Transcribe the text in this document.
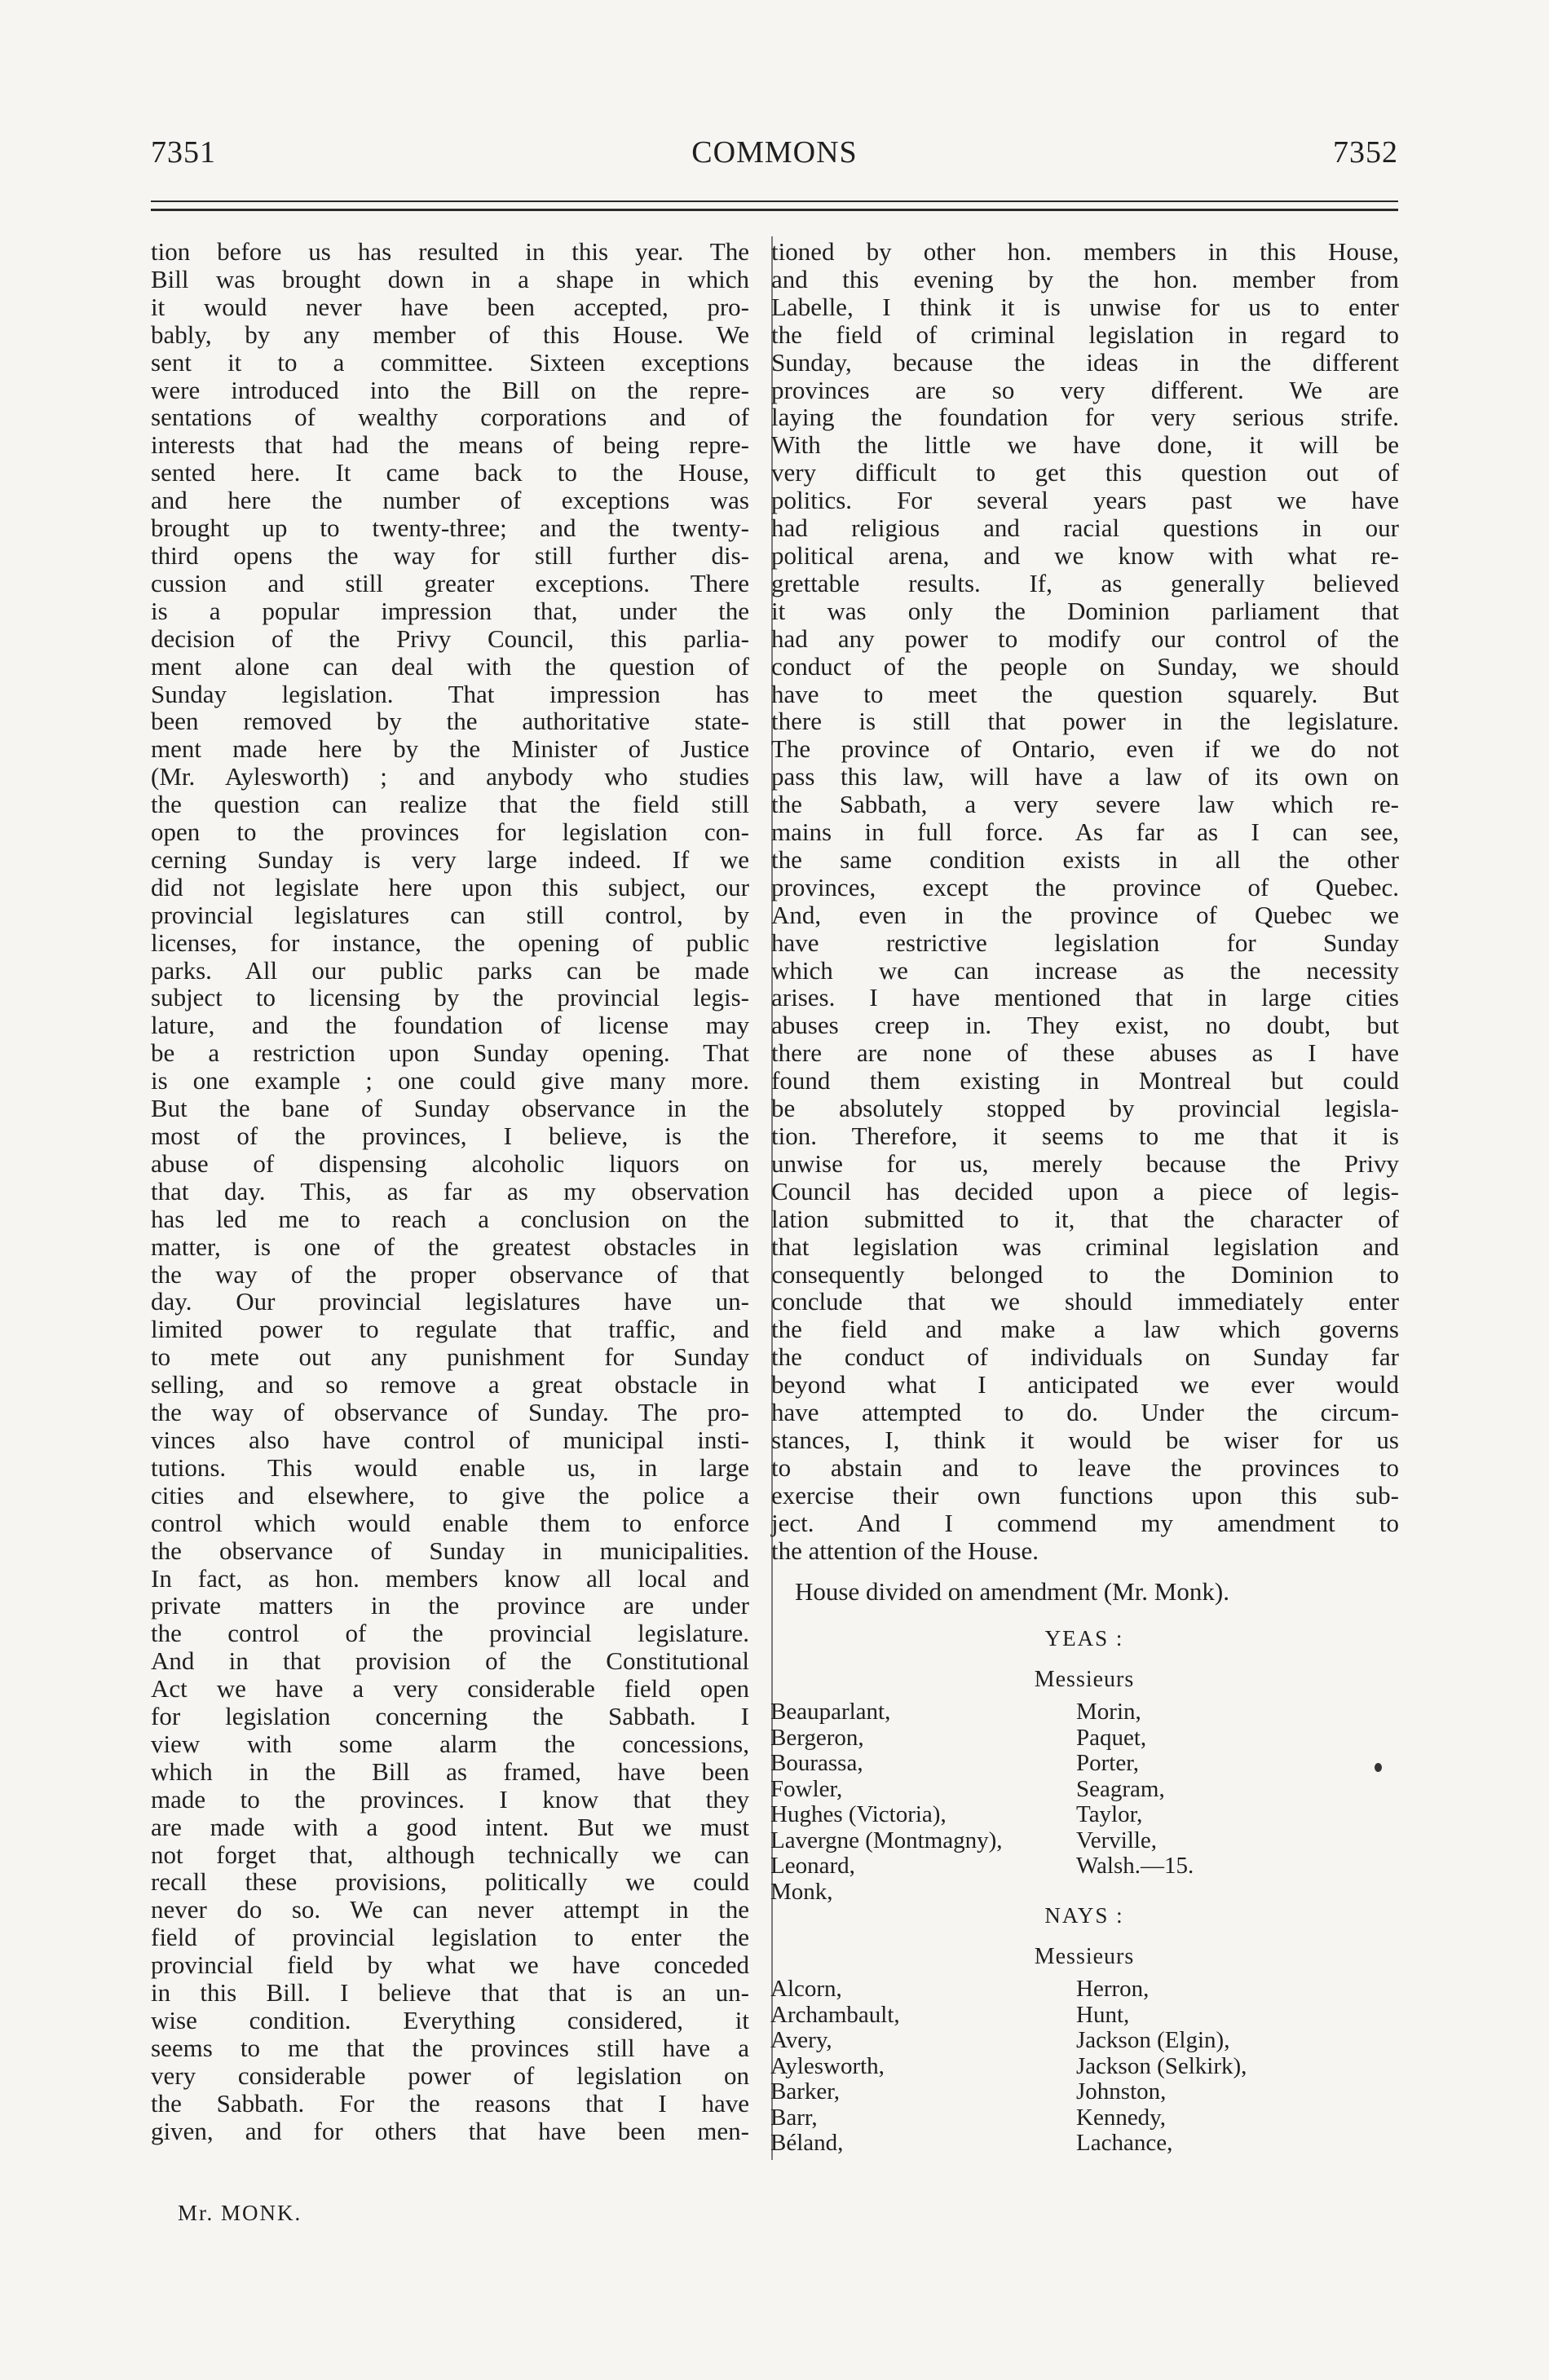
7351	COMMONS	7352
tion before us has resulted in this year. The
Bill was brought down in a shape in which
it would never have been accepted, pro-
bably, by any member of this House. We
sent it to a committee. Sixteen exceptions
were introduced into the Bill on the repre-
sentations of wealthy corporations and of
interests that had the means of being repre-
sented here. It came back to the House,
and here the number of exceptions was
brought up to twenty-three; and the twenty-
third opens the way for still further dis-
cussion and still greater exceptions. There
is a popular impression that, under the
decision of the Privy Council, this parlia-
ment alone can deal with the question of
Sunday legislation. That impression has
been removed by the authoritative state-
ment made here by the Minister of Justice
(Mr. Aylesworth) ; and anybody who studies
the question can realize that the field still
open to the provinces for legislation con-
cerning Sunday is very large indeed. If we
did not legislate here upon this subject, our
provincial legislatures can still control, by
licenses, for instance, the opening of public
parks. All our public parks can be made
subject to licensing by the provincial legis-
lature, and the foundation of license may
be a restriction upon Sunday opening. That
is one example ; one could give many more.
But the bane of Sunday observance in the
most of the provinces, I believe, is the
abuse of dispensing alcoholic liquors on
that day. This, as far as my observation
has led me to reach a conclusion on the
matter, is one of the greatest obstacles in
the way of the proper observance of that
day. Our provincial legislatures have un-
limited power to regulate that traffic, and
to mete out any punishment for Sunday
selling, and so remove a great obstacle in
the way of observance of Sunday. The pro-
vinces also have control of municipal insti-
tutions. This would enable us, in large
cities and elsewhere, to give the police a
control which would enable them to enforce
the observance of Sunday in municipalities.
In fact, as hon. members know all local and
private matters in the province are under
the control of the provincial legislature.
And in that provision of the Constitutional
Act we have a very considerable field open
for legislation concerning the Sabbath. I
view with some alarm the concessions,
which in the Bill as framed, have been
made to the provinces. I know that they
are made with a good intent. But we must
not forget that, although technically we can
recall these provisions, politically we could
never do so. We can never attempt in the
field of provincial legislation to enter the
provincial field by what we have conceded
in this Bill. I believe that that is an un-
wise condition. Everything considered, it
seems to me that the provinces still have a
very considerable power of legislation on
the Sabbath. For the reasons that I have
given, and for others that have been men-
Mr. MONK.
tioned by other hon. members in this House,
and this evening by the hon. member from
Labelle, I think it is unwise for us to enter
the field of criminal legislation in regard to
Sunday, because the ideas in the different
provinces are so very different. We are
laying the foundation for very serious strife.
With the little we have done, it will be
very difficult to get this question out of
politics. For several years past we have
had religious and racial questions in our
political arena, and we know with what re-
grettable results. If, as generally believed
it was only the Dominion parliament that
had any power to modify our control of the
conduct of the people on Sunday, we should
have to meet the question squarely. But
there is still that power in the legislature.
The province of Ontario, even if we do not
pass this law, will have a law of its own on
the Sabbath, a very severe law which re-
mains in full force. As far as I can see,
the same condition exists in all the other
provinces, except the province of Quebec.
And, even in the province of Quebec we
have restrictive legislation for Sunday
which we can increase as the necessity
arises. I have mentioned that in large cities
abuses creep in. They exist, no doubt, but
there are none of these abuses as I have
found them existing in Montreal but could
be absolutely stopped by provincial legisla-
tion. Therefore, it seems to me that it is
unwise for us, merely because the Privy
Council has decided upon a piece of legis-
lation submitted to it, that the character of
that legislation was criminal legislation and
consequently belonged to the Dominion to
conclude that we should immediately enter
the field and make a law which governs
the conduct of individuals on Sunday far
beyond what I anticipated we ever would
have attempted to do. Under the circum-
stances, I, think it would be wiser for us
to abstain and to leave the provinces to
exercise their own functions upon this sub-
ject. And I commend my amendment to
the attention of the House.
House divided on amendment (Mr. Monk).
YEAS :
Messieurs
Beauparlant,
Bergeron,
Bourassa,
Fowler,
Hughes (Victoria),
Lavergne (Montmagny),
Leonard,
Monk,
Morin,
Paquet,
Porter,
Seagram,
Taylor,
Verville,
Walsh.—15.
NAYS :
Messieurs
Alcorn,
Archambault,
Avery,
Aylesworth,
Barker,
Barr,
Béland,
Herron,
Hunt,
Jackson (Elgin),
Jackson (Selkirk),
Johnston,
Kennedy,
Lachance,
